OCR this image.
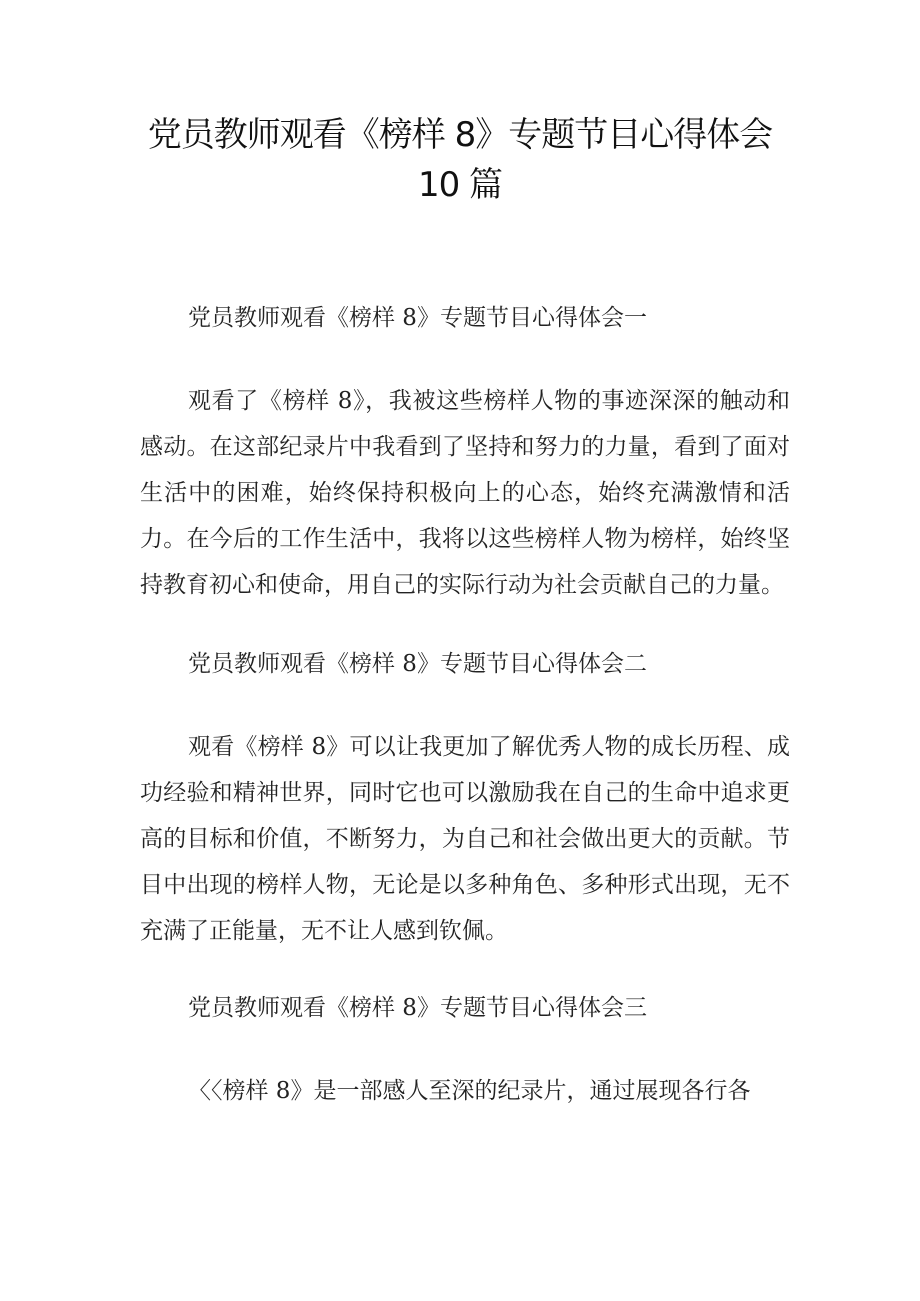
党员教师观看《榜样 8》专题节目心得体会
10 篇
党员教师观看《榜样 8》专题节目心得体会一
观看了《榜样 8》，我被这些榜样人物的事迹深深的触动和感动。在这部纪录片中我看到了坚持和努力的力量，看到了面对生活中的困难，始终保持积极向上的心态，始终充满激情和活力。在今后的工作生活中，我将以这些榜样人物为榜样，始终坚持教育初心和使命，用自己的实际行动为社会贡献自己的力量。
党员教师观看《榜样 8》专题节目心得体会二
观看《榜样 8》可以让我更加了解优秀人物的成长历程、成功经验和精神世界，同时它也可以激励我在自己的生命中追求更高的目标和价值，不断努力，为自己和社会做出更大的贡献。节目中出现的榜样人物，无论是以多种角色、多种形式出现，无不充满了正能量，无不让人感到钦佩。
党员教师观看《榜样 8》专题节目心得体会三
〈〈榜样 8》是一部感人至深的纪录片，通过展现各行各
